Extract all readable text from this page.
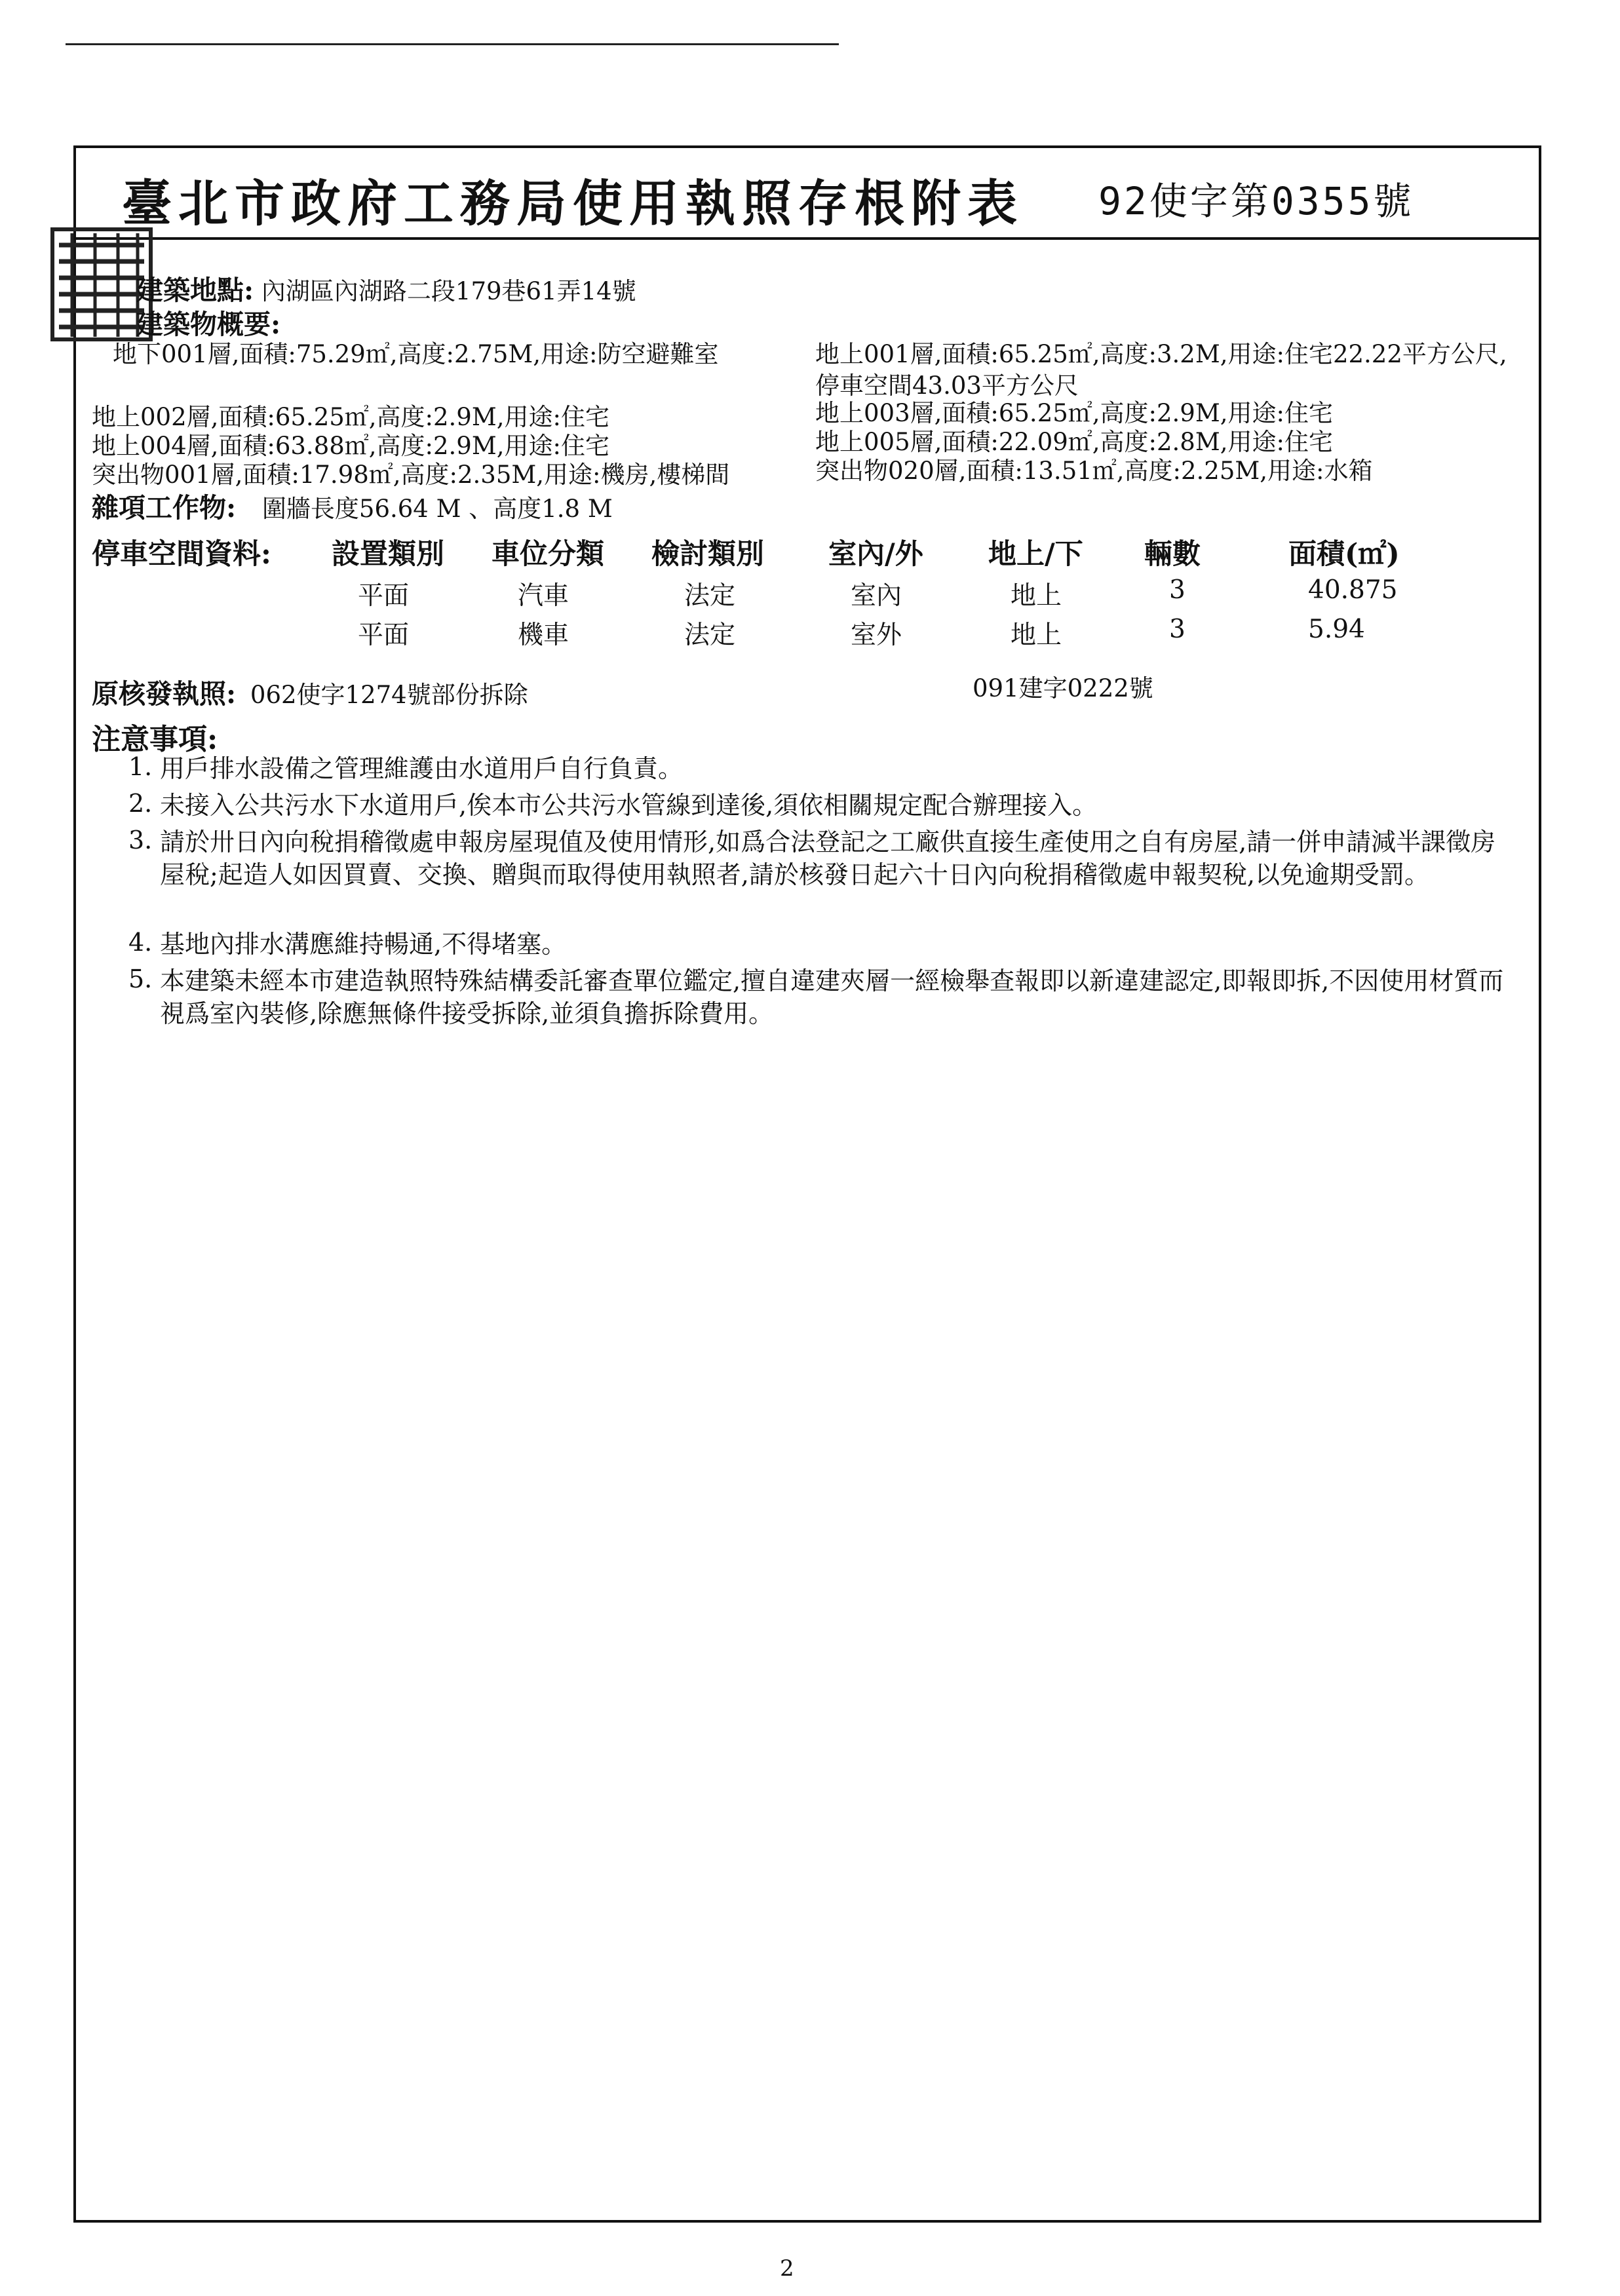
臺北市政府工務局使用執照存根附表 92使字第0355號
建築地點: 內湖區內湖路二段179巷61弄14號
建築物概要:
地下001層,面積:75.29㎡,高度:2.75M,用途:防空避難室	地上001層,面積:65.25㎡,高度:3.2M,用途:住宅22.22平方公尺,
停車空間43.03平方公尺
地上002層,面積:65.25㎡,高度:2.9M,用途:住宅	地上003層,面積:65.25㎡,高度:2.9M,用途:住宅
地上004層,面積:63.88㎡,高度:2.9M,用途:住宅	地上005層,面積:22.09㎡,高度:2.8M,用途:住宅
突出物001層,面積:17.98㎡,高度:2.35M,用途:機房,樓梯間	突出物020層,面積:13.51㎡,高度:2.25M,用途:水箱
雜項工作物: 圍牆長度56.64 M 、高度1.8 M
停車空間資料: 設置類別 車位分類 檢討類別 室內/外 地上/下 輛數	面積(㎡)
平面	汽車	法定	室內	地上	3	40.875
平面	機車	法定	室外	地上	3	5.94
原核發執照: 062使字1274號部份拆除	091建字0222號
注意事項:
1. 用戶排水設備之管理維護由水道用戶自行負責。
2. 未接入公共污水下水道用戶,俟本市公共污水管線到達後,須依相關規定配合辦理接入。
3. 請於卅日內向稅捐稽徵處申報房屋現值及使用情形,如爲合法登記之工廠供直接生產使用之自有房屋,請一併申請減半課徵房屋稅;起造人如因買賣、交換、贈與而取得使用執照者,請於核發日起六十日內向稅捐稽徵處申報契稅,以免逾期受罰。
4. 基地內排水溝應維持暢通,不得堵塞。
5. 本建築未經本市建造執照特殊結構委託審查單位鑑定,擅自違建夾層一經檢舉查報即以新違建認定,即報即拆,不因使用材質而視爲室內裝修,除應無條件接受拆除,並須負擔拆除費用。
2
